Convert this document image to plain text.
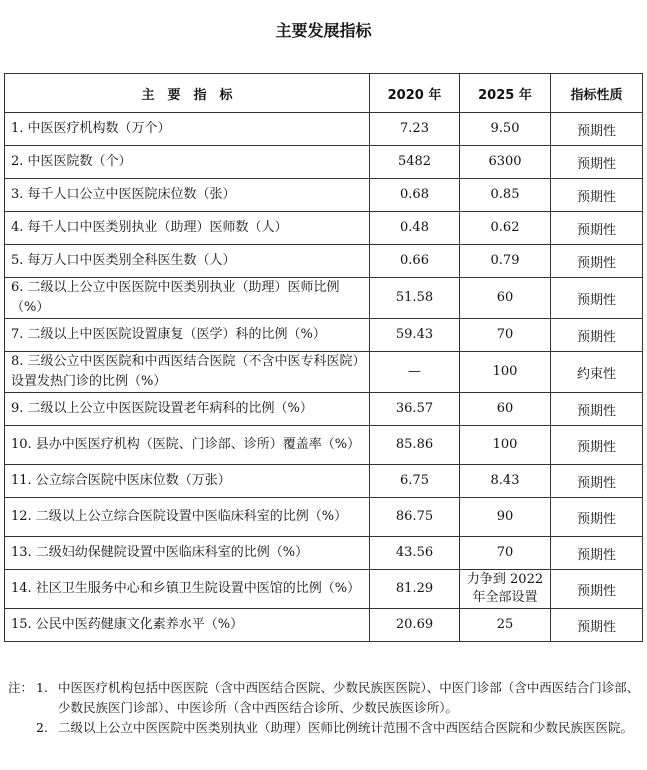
主要发展指标
主　要　指　标	2020 年	2025 年	指标性质
1. 中医医疗机构数（万个）	7.23	9.50	预期性
2. 中医医院数（个）	5482	6300	预期性
3. 每千人口公立中医医院床位数（张）	0.68	0.85	预期性
4. 每千人口中医类别执业（助理）医师数（人）	0.48	0.62	预期性
5. 每万人口中医类别全科医生数（人）	0.66	0.79	预期性
6. 二级以上公立中医医院中医类别执业（助理）医师比例（%）	51.58	60	预期性
7. 二级以上中医医院设置康复（医学）科的比例（%）	59.43	70	预期性
8. 三级公立中医医院和中西医结合医院（不含中医专科医院）设置发热门诊的比例（%）	—	100	约束性
9. 二级以上公立中医医院设置老年病科的比例（%）	36.57	60	预期性
10. 县办中医医疗机构（医院、门诊部、诊所）覆盖率（%）	85.86	100	预期性
11. 公立综合医院中医床位数（万张）	6.75	8.43	预期性
12. 二级以上公立综合医院设置中医临床科室的比例（%）	86.75	90	预期性
13. 二级妇幼保健院设置中医临床科室的比例（%）	43.56	70	预期性
14. 社区卫生服务中心和乡镇卫生院设置中医馆的比例（%）	81.29	力争到 2022 年全部设置	预期性
15. 公民中医药健康文化素养水平（%）	20.69	25	预期性
注： 1. 中医医疗机构包括中医医院（含中西医结合医院、少数民族医医院）、中医门诊部（含中西医结合门诊部、少数民族医门诊部）、中医诊所（含中西医结合诊所、少数民族医诊所）。
2. 二级以上公立中医医院中医类别执业（助理）医师比例统计范围不含中西医结合医院和少数民族医医院。
